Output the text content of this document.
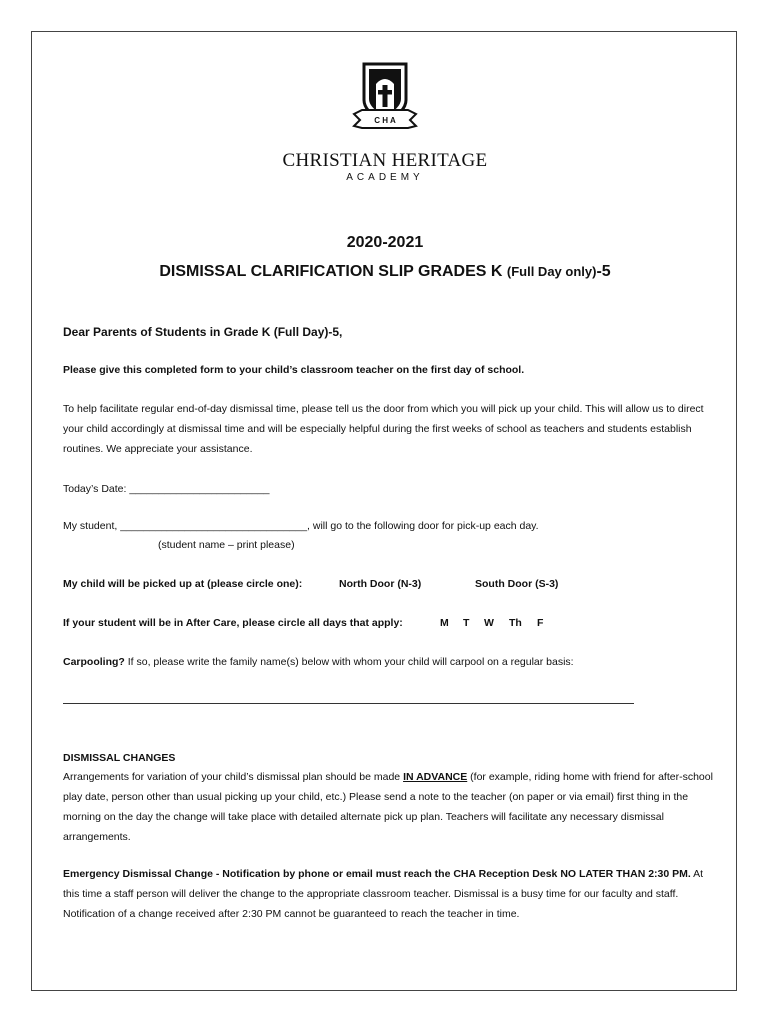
C H A
CHRISTIAN HERITAGE
ACADEMY
2020-2021
DISMISSAL CLARIFICATION SLIP GRADES K (Full Day only)-5
Dear Parents of Students in Grade K (Full Day)-5,
Please give this completed form to your child’s classroom teacher on the first day of school.
To help facilitate regular end-of-day dismissal time, please tell us the door from which you will pick up your child. This will allow us to direct your child accordingly at dismissal time and will be especially helpful during the first weeks of school as teachers and students establish routines. We appreciate your assistance.
Today’s Date: ________________________
My student, ________________________________, will go to the following door for pick-up each day.
(student name – print please)
My child will be picked up at (please circle one):	North Door (N-3)	South Door (S-3)
If your student will be in After Care, please circle all days that apply:	M T W Th F
Carpooling? If so, please write the family name(s) below with whom your child will carpool on a regular basis:
DISMISSAL CHANGES
Arrangements for variation of your child’s dismissal plan should be made IN ADVANCE (for example, riding home with friend for after-school play date, person other than usual picking up your child, etc.) Please send a note to the teacher (on paper or via email) first thing in the morning on the day the change will take place with detailed alternate pick up plan. Teachers will facilitate any necessary dismissal arrangements.
Emergency Dismissal Change - Notification by phone or email must reach the CHA Reception Desk NO LATER THAN 2:30 PM. At this time a staff person will deliver the change to the appropriate classroom teacher. Dismissal is a busy time for our faculty and staff. Notification of a change received after 2:30 PM cannot be guaranteed to reach the teacher in time.
